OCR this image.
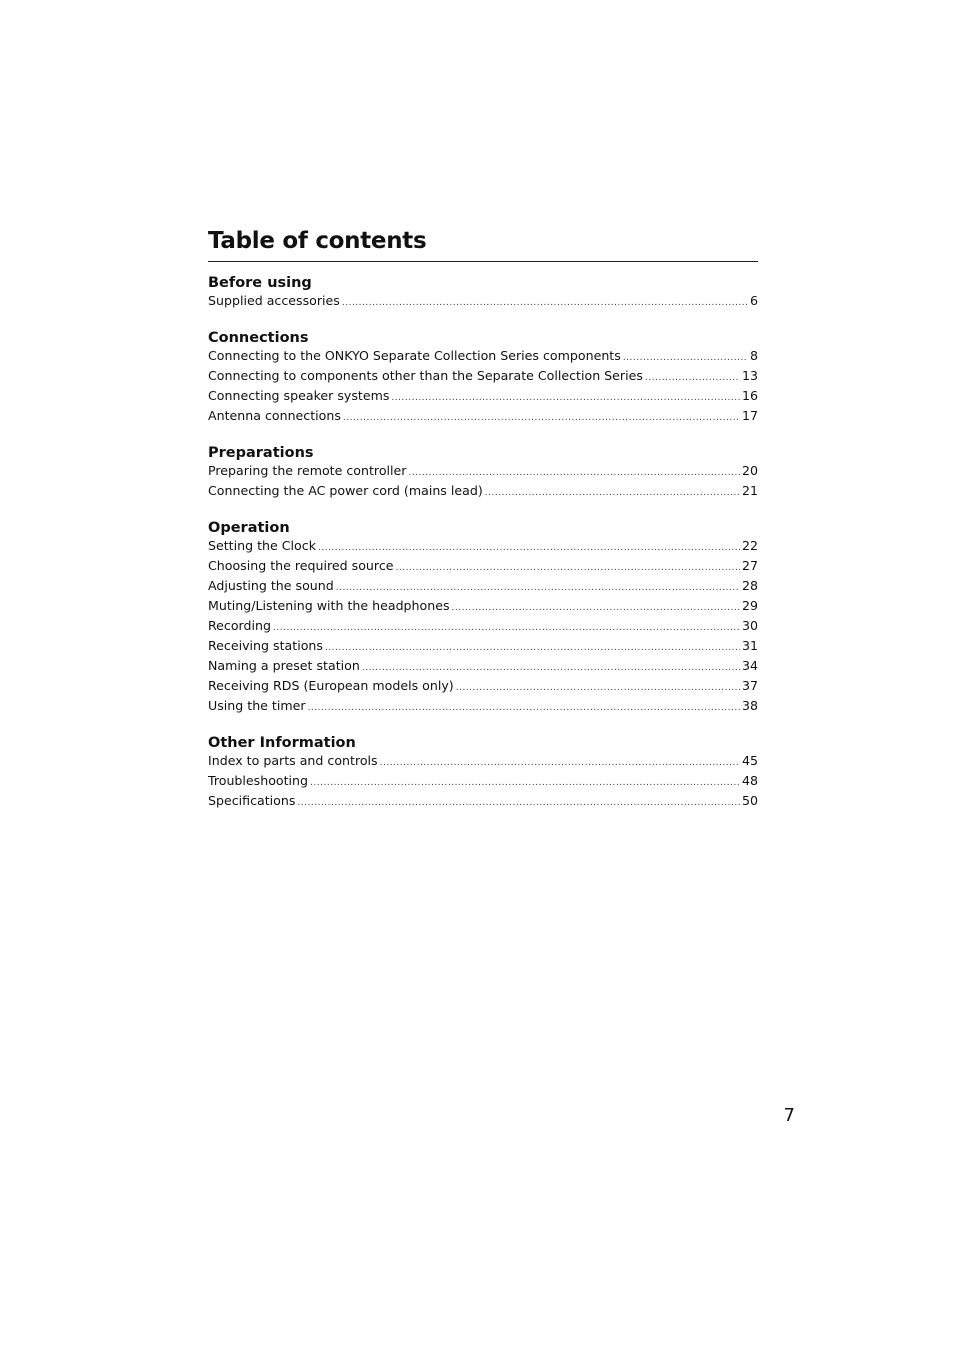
Table of contents
Before using
Supplied accessories .....	6
Connections
Connecting to the ONKYO Separate Collection Series components .....	8
Connecting to components other than the Separate Collection Series .....	13
Connecting speaker systems .....	16
Antenna connections .....	17
Preparations
Preparing the remote controller .....	20
Connecting the AC power cord (mains lead) .....	21
Operation
Setting the Clock .....	22
Choosing the required source .....	27
Adjusting the sound .....	28
Muting/Listening with the headphones .....	29
Recording .....	30
Receiving stations .....	31
Naming a preset station .....	34
Receiving RDS (European models only) .....	37
Using the timer .....	38
Other Information
Index to parts and controls .....	45
Troubleshooting .....	48
Specifications .....	50
7
